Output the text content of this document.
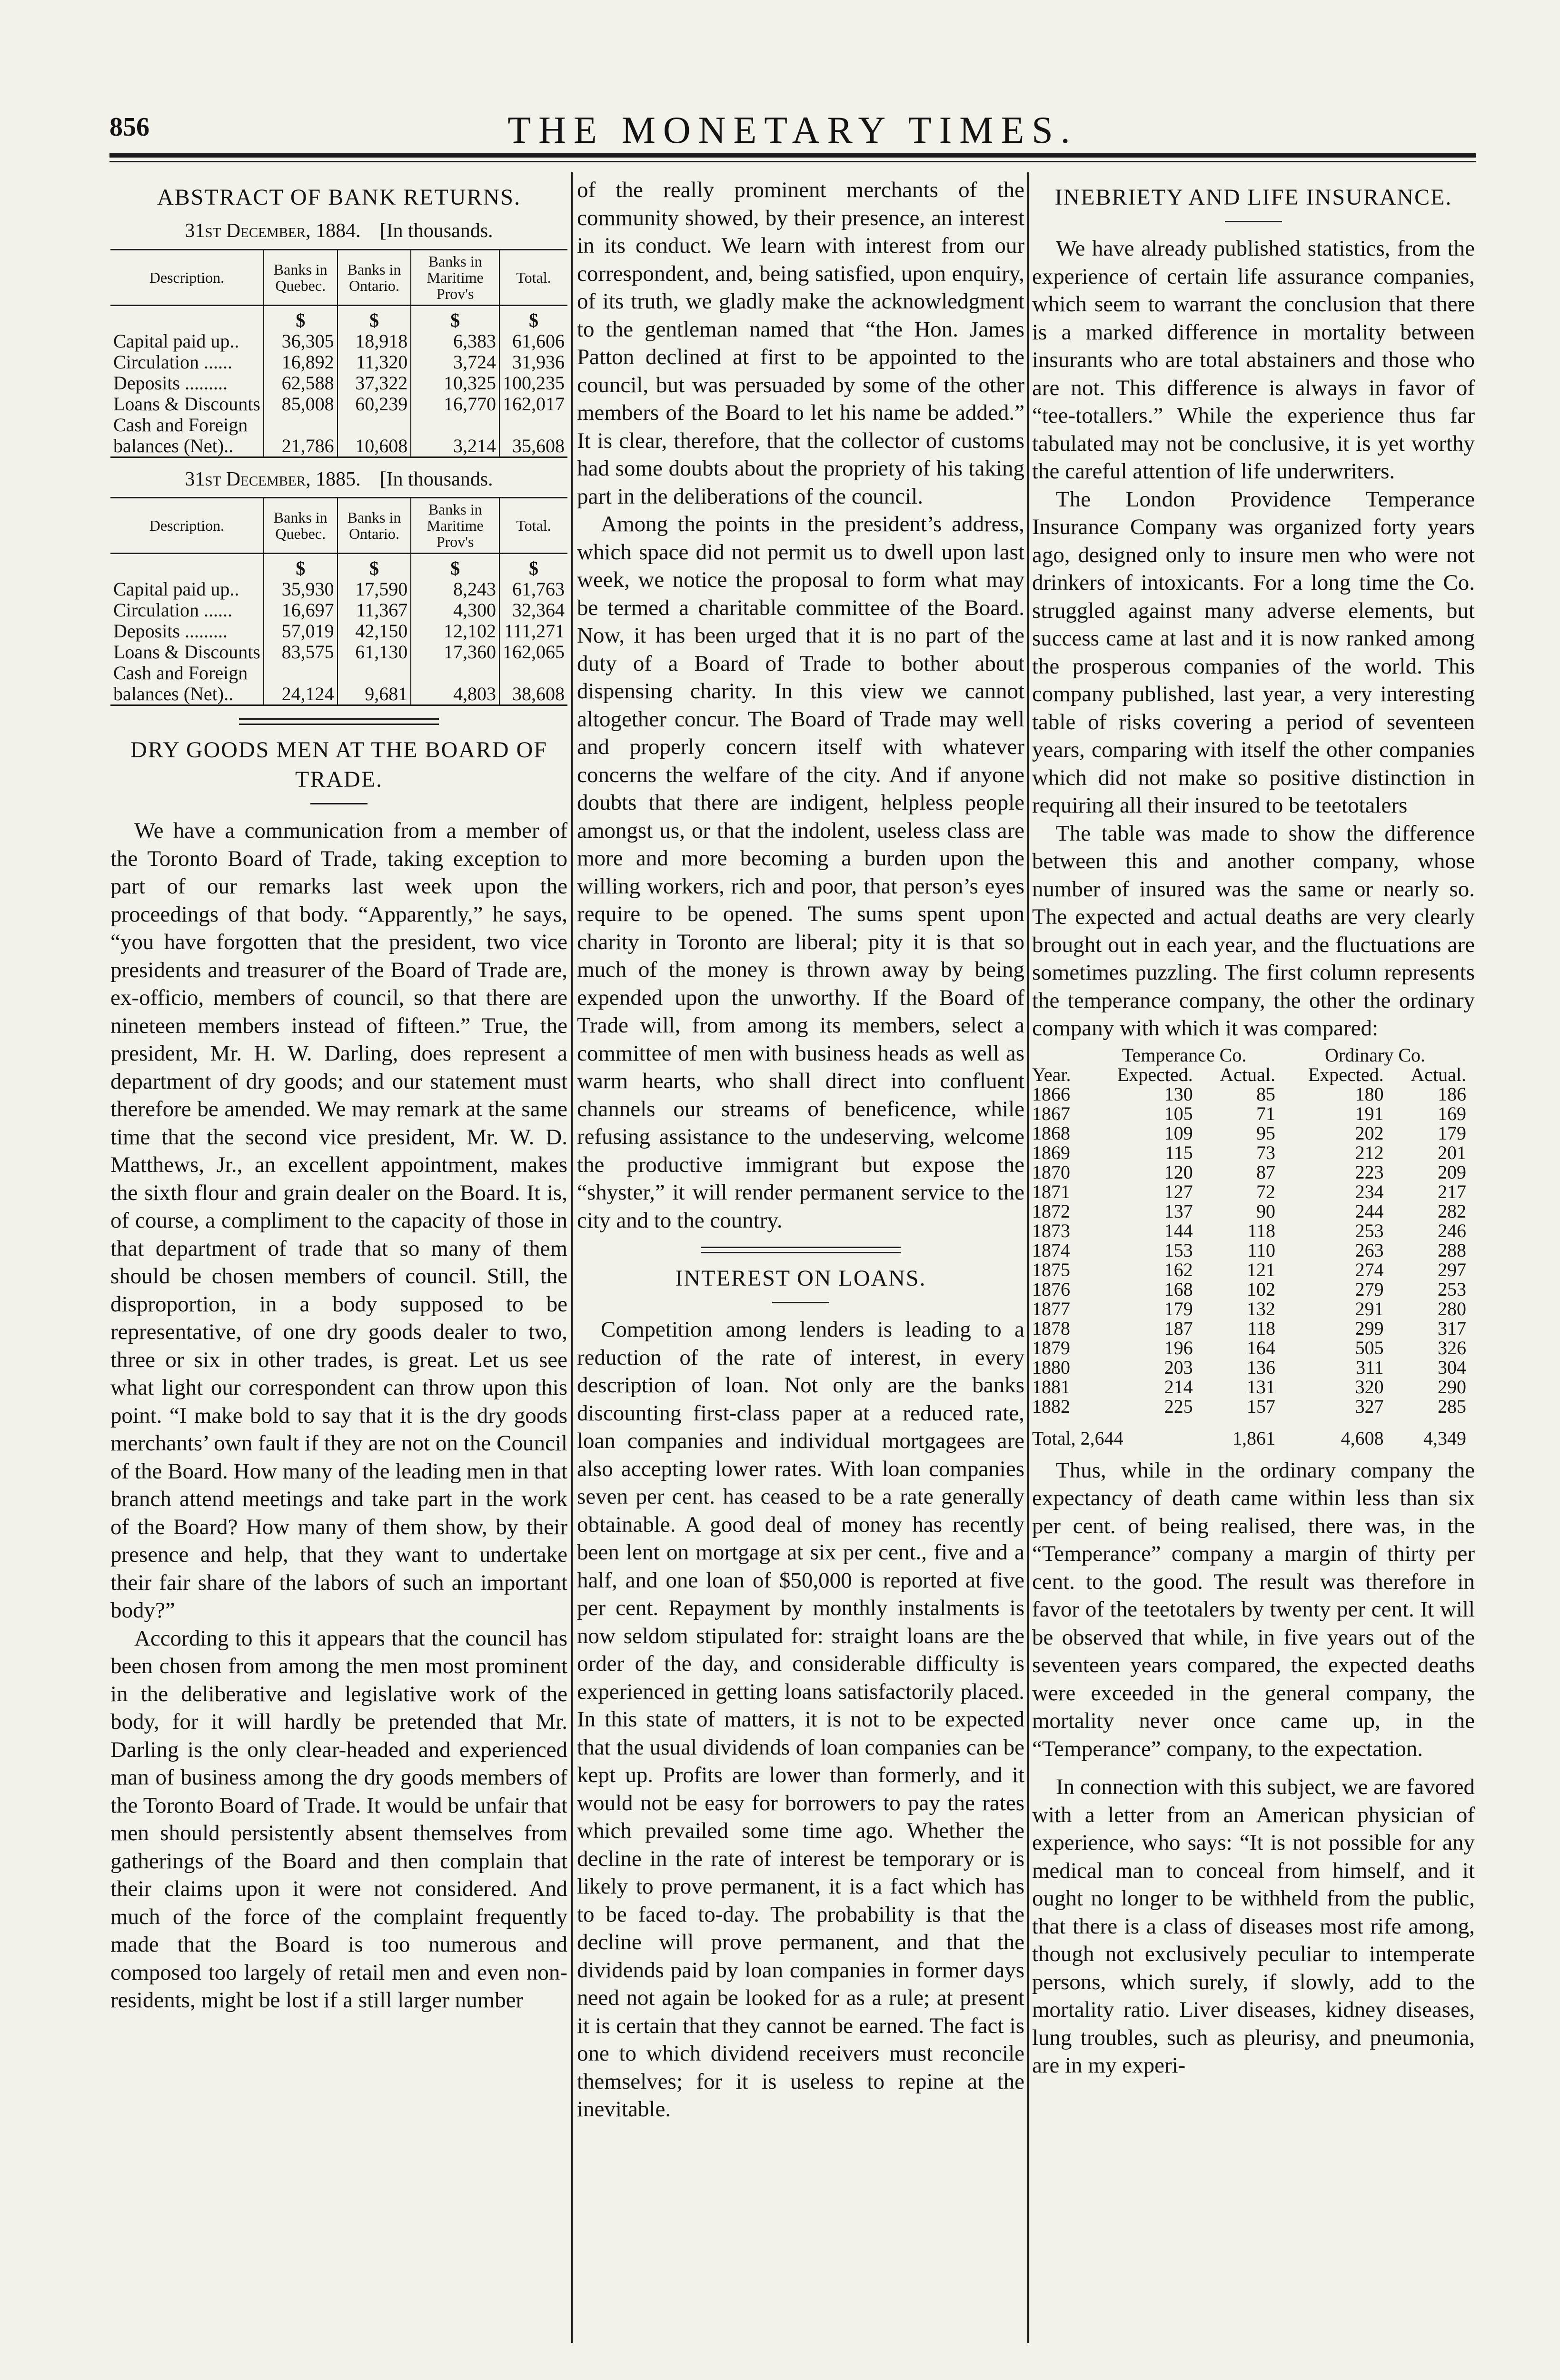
856	THE MONETARY TIMES.
ABSTRACT OF BANK RETURNS.
31st December, 1884. [In thousands.
Description.	Banks in Quebec.	Banks in Ontario.	Banks in Maritime Prov's	Total.
	$	$	$	$
Capital paid up..	36,305	18,918	6,383	61,606
Circulation ......	16,892	11,320	3,724	31,936
Deposits .........	62,588	37,322	10,325	100,235
Loans & Discounts	85,008	60,239	16,770	162,017
Cash and Foreign				
balances (Net)..	21,786	10,608	3,214	35,608
31st December, 1885. [In thousands.
Description.	Banks in Quebec.	Banks in Ontario.	Banks in Maritime Prov's	Total.
	$	$	$	$
Capital paid up..	35,930	17,590	8,243	61,763
Circulation ......	16,697	11,367	4,300	32,364
Deposits .........	57,019	42,150	12,102	111,271
Loans & Discounts	83,575	61,130	17,360	162,065
Cash and Foreign				
balances (Net)..	24,124	9,681	4,803	38,608
DRY GOODS MEN AT THE BOARD OF TRADE.

We have a communication from a member of the Toronto Board of Trade, taking exception to part of our remarks last week upon the proceedings of that body. “Apparently,” he says, “you have forgotten that the president, two vice presidents and treasurer of the Board of Trade are, ex-officio, members of council, so that there are nineteen members instead of fifteen.” True, the president, Mr. H. W. Darling, does represent a department of dry goods; and our statement must therefore be amended. We may remark at the same time that the second vice president, Mr. W. D. Matthews, Jr., an excellent appointment, makes the sixth flour and grain dealer on the Board. It is, of course, a compliment to the capacity of those in that department of trade that so many of them should be chosen members of council. Still, the disproportion, in a body supposed to be representative, of one dry goods dealer to two, three or six in other trades, is great. Let us see what light our correspondent can throw upon this point. “I make bold to say that it is the dry goods merchants’ own fault if they are not on the Council of the Board. How many of the leading men in that branch attend meetings and take part in the work of the Board? How many of them show, by their presence and help, that they want to undertake their fair share of the labors of such an important body?”

According to this it appears that the council has been chosen from among the men most prominent in the deliberative and legislative work of the body, for it will hardly be pretended that Mr. Darling is the only clear-headed and experienced man of business among the dry goods members of the Toronto Board of Trade. It would be unfair that men should persistently absent themselves from gatherings of the Board and then complain that their claims upon it were not considered. And much of the force of the complaint frequently made that the Board is too numerous and composed too largely of retail men and even non-residents, might be lost if a still larger number

of the really prominent merchants of the community showed, by their presence, an interest in its conduct. We learn with interest from our correspondent, and, being satisfied, upon enquiry, of its truth, we gladly make the acknowledgment to the gentleman named that “the Hon. James Patton declined at first to be appointed to the council, but was persuaded by some of the other members of the Board to let his name be added.” It is clear, therefore, that the collector of customs had some doubts about the propriety of his taking part in the deliberations of the council.

Among the points in the president’s address, which space did not permit us to dwell upon last week, we notice the proposal to form what may be termed a charitable committee of the Board. Now, it has been urged that it is no part of the duty of a Board of Trade to bother about dispensing charity. In this view we cannot altogether concur. The Board of Trade may well and properly concern itself with whatever concerns the welfare of the city. And if anyone doubts that there are indigent, helpless people amongst us, or that the indolent, useless class are more and more becoming a burden upon the willing workers, rich and poor, that person’s eyes require to be opened. The sums spent upon charity in Toronto are liberal; pity it is that so much of the money is thrown away by being expended upon the unworthy. If the Board of Trade will, from among its members, select a committee of men with business heads as well as warm hearts, who shall direct into confluent channels our streams of beneficence, while refusing assistance to the undeserving, welcome the productive immigrant but expose the “shyster,” it will render permanent service to the city and to the country.

INTEREST ON LOANS.

Competition among lenders is leading to a reduction of the rate of interest, in every description of loan. Not only are the banks discounting first-class paper at a reduced rate, loan companies and individual mortgagees are also accepting lower rates. With loan companies seven per cent. has ceased to be a rate generally obtainable. A good deal of money has recently been lent on mortgage at six per cent., five and a half, and one loan of $50,000 is reported at five per cent. Repayment by monthly instalments is now seldom stipulated for: straight loans are the order of the day, and considerable difficulty is experienced in getting loans satisfactorily placed. In this state of matters, it is not to be expected that the usual dividends of loan companies can be kept up. Profits are lower than formerly, and it would not be easy for borrowers to pay the rates which prevailed some time ago. Whether the decline in the rate of interest be temporary or is likely to prove permanent, it is a fact which has to be faced to-day. The probability is that the decline will prove permanent, and that the dividends paid by loan companies in former days need not again be looked for as a rule; at present it is certain that they cannot be earned. The fact is one to which dividend receivers must reconcile themselves; for it is useless to repine at the inevitable.

INEBRIETY AND LIFE INSURANCE.

We have already published statistics, from the experience of certain life assurance companies, which seem to warrant the conclusion that there is a marked difference in mortality between insurants who are total abstainers and those who are not. This difference is always in favor of “tee-totallers.” While the experience thus far tabulated may not be conclusive, it is yet worthy the careful attention of life underwriters.

The London Providence Temperance Insurance Company was organized forty years ago, designed only to insure men who were not drinkers of intoxicants. For a long time the Co. struggled against many adverse elements, but success came at last and it is now ranked among the prosperous companies of the world. This company published, last year, a very interesting table of risks covering a period of seventeen years, comparing with itself the other companies which did not make so positive distinction in requiring all their insured to be teetotalers

The table was made to show the difference between this and another company, whose number of insured was the same or nearly so. The expected and actual deaths are very clearly brought out in each year, and the fluctuations are sometimes puzzling. The first column represents the temperance company, the other the ordinary company with which it was compared:

	Temperance Co.		Ordinary Co.	
Year.	Expected.	Actual.	Expected.	Actual.
1866	130	85	180	186
1867	105	71	191	169
1868	109	95	202	179
1869	115	73	212	201
1870	120	87	223	209
1871	127	72	234	217
1872	137	90	244	282
1873	144	118	253	246
1874	153	110	263	288
1875	162	121	274	297
1876	168	102	279	253
1877	179	132	291	280
1878	187	118	299	317
1879	196	164	505	326
1880	203	136	311	304
1881	214	131	320	290
1882	225	157	327	285
Total, 2,644		1,861	4,608	4,349

Thus, while in the ordinary company the expectancy of death came within less than six per cent. of being realised, there was, in the “Temperance” company a margin of thirty per cent. to the good. The result was therefore in favor of the teetotalers by twenty per cent. It will be observed that while, in five years out of the seventeen years compared, the expected deaths were exceeded in the general company, the mortality never once came up, in the “Temperance” company, to the expectation.

In connection with this subject, we are favored with a letter from an American physician of experience, who says: “It is not possible for any medical man to conceal from himself, and it ought no longer to be withheld from the public, that there is a class of diseases most rife among, though not exclusively peculiar to intemperate persons, which surely, if slowly, add to the mortality ratio. Liver diseases, kidney diseases, lung troubles, such as pleurisy, and pneumonia, are in my experi-
